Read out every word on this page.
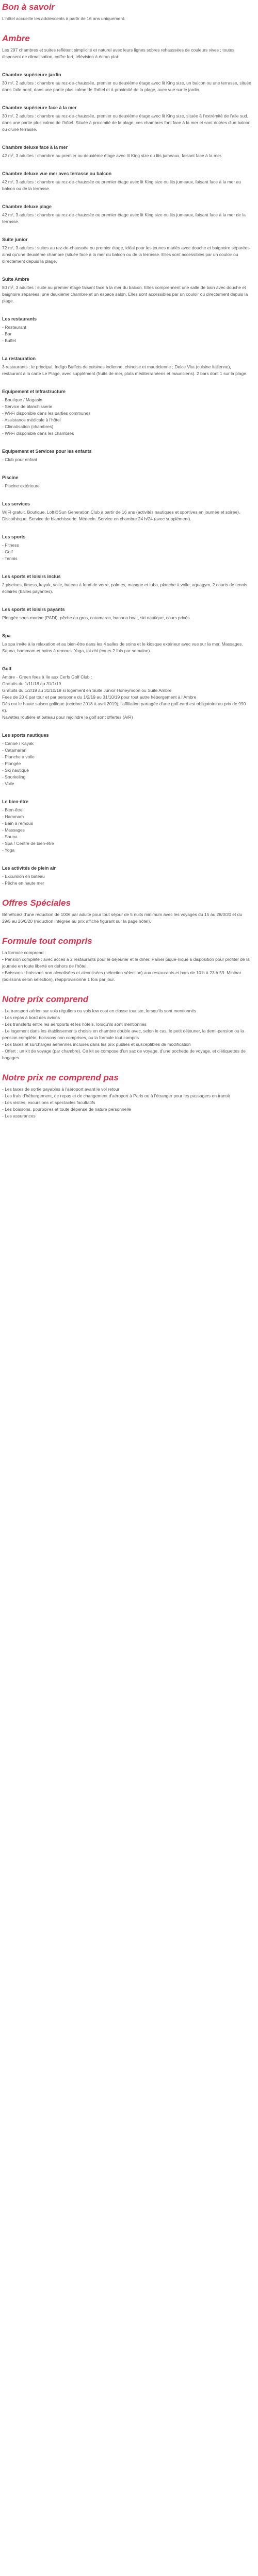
Bon à savoir

L'hôtel accueille les adolescents à partir de 16 ans uniquement.

Ambre

Les 297 chambres et suites reflètent simplicité et naturel avec leurs lignes sobres rehaussées de couleurs vives ; toutes disposent de climatisation, coffre fort, télévision à écran plat.

Chambre supérieure jardin

30 m², 2 adultes : chambre au rez-de-chaussée, premier ou deuxième étage avec lit King size, un balcon ou une terrasse, située dans l'aile nord, dans une partie plus calme de l'hôtel et à proximité de la plage, avec vue sur le jardin.

Chambre supérieure face à la mer

30 m², 2 adultes : chambre au rez-de-chaussée, premier ou deuxième étage avec lit King size, située à l'extrémité de l'aile sud, dans une partie plus calme de l'hôtel. Située à proximité de la plage, ces chambres font face à la mer et sont dotées d'un balcon ou d'une terrasse.

Chambre deluxe face à la mer

42 m², 3 adultes : chambre au premier ou deuxième étage avec lit King size ou lits jumeaux, faisant face à la mer.

Chambre deluxe vue mer avec terrasse ou balcon

42 m², 3 adultes : chambre au rez-de-chaussée ou premier étage avec lit King size ou lits jumeaux, faisant face à la mer au balcon ou de la terrasse.

Chambre deluxe plage

42 m², 3 adultes : chambre au rez-de-chaussée ou premier étage avec lit King size ou lits jumeaux, faisant face à la mer de la terrasse.

Suite junior

72 m², 3 adultes : suites au rez-de-chaussée ou premier étage, idéal pour les jeunes mariés avec douche et baignoire séparées ainsi qu'une deuxième chambre (située face à la mer du balcon ou de la terrasse. Elles sont accessibles par un couloir ou directement depuis la plage.

Suite Ambre

80 m², 3 adultes : suite au premier étage faisant face à la mer du balcon. Elles comprennent une salle de bain avec douche et baignoire séparées, une deuxième chambre et un espace salon. Elles sont accessibles par un couloir ou directement depuis la plage.

Les restaurants
- Restaurant
- Bar
- Buffet
La restauration

3 restaurants : le principal, Indigo Buffets de cuisines indienne, chinoise et mauricienne ; Dolce Vita (cuisine italienne), restaurant à la carte Le Plage, avec supplément (fruits de mer, plats méditerranéens et mauriciens). 2 bars dont 1 sur la plage.

Equipement et Infrastructure
- Boutique / Magasin
- Service de blanchisserie
- Wi-Fi disponible dans les parties communes
- Assistance médicale à l'hôtel
- Climatisation (chambres)
- Wi-Fi disponible dans les chambres
Equipement et Services pour les enfants
- Club pour enfant
Piscine
- Piscine extérieure
Les services

WIFI gratuit. Boutique, Loft@Sun Generation Club à partir de 16 ans (activités nautiques et sportives en journée et soirée). Discothèque. Service de blanchisserie. Médecin. Service en chambre 24 h/24 (avec supplément).

Les sports
- Fitness
- Golf
- Tennis
Les sports et loisirs inclus

2 piscines, fitness, kayak, voile, bateau à fond de verre, palmes, masque et tuba, planche à voile, aquagym, 2 courts de tennis éclairés (balles payantes).

Les sports et loisirs payants

Plongée sous-marine (PADI), pêche au gros, catamaran, banana boat, ski nautique, cours privés.

Spa

Le spa invite à la relaxation et au bien-être dans les 4 salles de soins et le kiosque extérieur avec vue sur la mer. Massages. Sauna, hammam et bains à remous. Yoga, tai-chi (cours 2 fois par semaine).

Golf

Ambre - Green fees à Ile aux Cerfs Golf Club :
Gratuits du 1/11/18 au 31/1/19
Gratuits du 1/2/19 au 31/10/19 si logement en Suite Junior Honeymoon ou Suite Ambre
Fees de 20 € par tour et par personne du 1/2/19 au 31/10/19 pour tout autre hébergement à l'Ambre
Dès ont le haute saison golfique (octobre 2018 à avril 2019), l'affiliation partagée d'une golf-card est obligatoire au prix de 990 €).
Navettes routière et bateau pour rejoindre le golf sont offertes (A/R)

Les sports nautiques
- Canoë / Kayak
- Catamaran
- Planche à voile
- Plongée
- Ski nautique
- Snorkeling
- Voile
Le bien-être
- Bien-être
- Hammam
- Bain à remous
- Massages
- Sauna
- Spa / Centre de bien-être
- Yoga
Les activités de plein air
- Excursion en bateau
- Pêche en haute mer
Offres Spéciales

Bénéficiez d'une réduction de 100€ par adulte pour tout séjour de 5 nuits minimum avec les voyages du 15 au 28/3/20 et du 29/5 au 26/6/20 (réduction intégrée au prix affiché figurant sur la page hôtel).

Formule tout compris

La formule comprend :
• Pension complète : avec accès à 2 restaurants pour le déjeuner et le dîner. Panier pique-nique à disposition pour profiter de la journée en toute liberté en dehors de l'hôtel.
• Boissons : boissons non alcoolisées et alcoolisées (sélection sélection) aux restaurants et bars de 10 h à 23 h 59. Minibar (boissons selon sélection), réapprovisionné 1 fois par jour.

Notre prix comprend

- Le transport aérien sur vols réguliers ou vols low cost en classe touriste, lorsqu'ils sont mentionnés
- Les repas à bord des avions
- Les transferts entre les aéroports et les hôtels, lorsqu'ils sont mentionnés
- Le logement dans les établissements choisis en chambre double avec, selon le cas, le petit déjeuner, la demi-pension ou la pension complète, boissons non comprises, ou la formule tout compris
- Les taxes et surcharges aériennes incluses dans les prix publiés et susceptibles de modification
- Offert : un kit de voyage (par chambre). Ce kit se compose d'un sac de voyage, d'une pochette de voyage, et d'étiquettes de bagages.

Notre prix ne comprend pas

- Les taxes de sortie payables à l'aéroport avant le vol retour
- Les frais d'hébergement, de repas et de changement d'aéroport à Paris ou à l'étranger pour les passagers en transit
- Les visites, excursions et spectacles facultatifs
- Les boissons, pourboires et toute dépense de nature personnelle
- Les assurances
